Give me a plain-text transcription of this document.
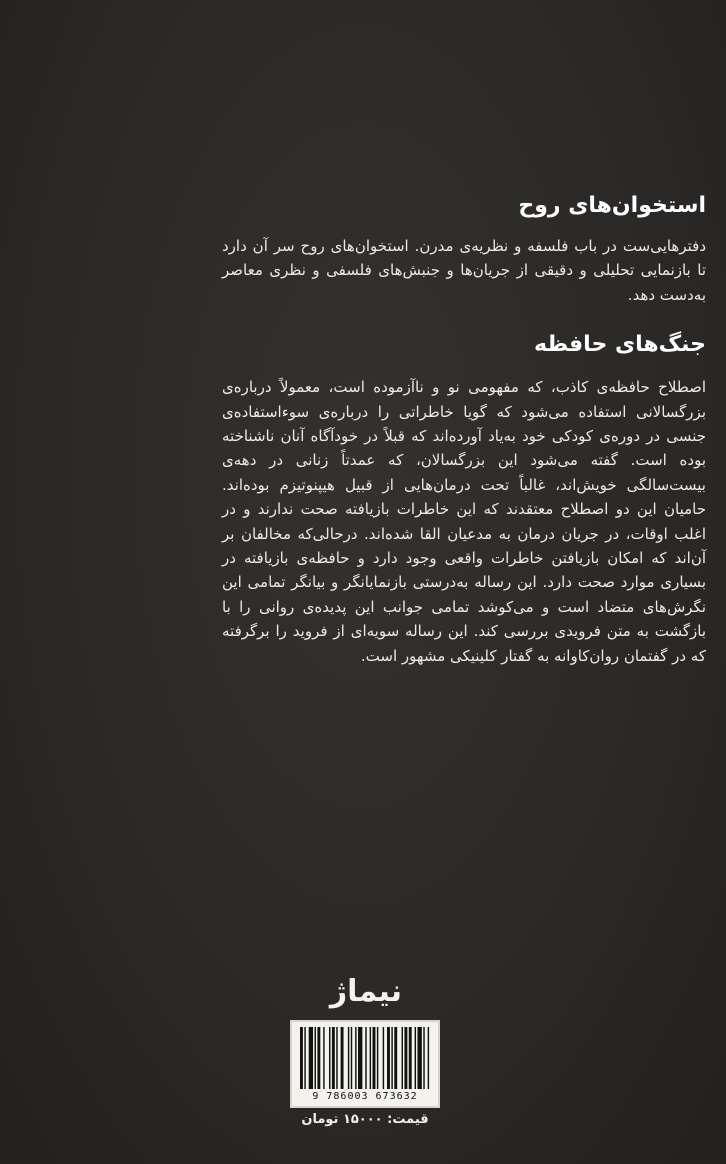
استخوان‌های روح

دفترهایی‌ست در باب فلسفه و نظریه‌ی مدرن. استخوان‌های روح سر آن دارد تا بازنمایی تحلیلی و دقیقی از جریان‌ها و جنبش‌های فلسفی و نظری معاصر به‌دست دهد.

جنگ‌های حافظه

اصطلاح حافظه‌ی کاذب، که مفهومی نو و ناآزموده است، معمولاً درباره‌ی بزرگسالانی استفاده می‌شود که گویا خاطراتی را درباره‌ی سوءاستفاده‌ی جنسی در دوره‌ی کودکی خود به‌یاد آورده‌اند که قبلاً در خودآگاه آنان ناشناخته بوده است. گفته می‌شود این بزرگسالان، که عمدتاً زنانی در دهه‌ی بیست‌سالگی خویش‌اند، غالباً تحت درمان‌هایی از قبیل هیپنوتیزم بوده‌اند. حامیان این دو اصطلاح معتقدند که این خاطرات بازیافته صحت ندارند و در اغلب اوقات، در جریان درمان به مدعیان القا شده‌اند. درحالی‌که مخالفان بر آن‌اند که امکان بازیافتن خاطرات واقعی وجود دارد و حافظه‌ی بازیافته در بسیاری موارد صحت دارد. این رساله به‌درستی بازنمایانگر و بیانگر تمامی این نگرش‌های متضاد است و می‌کوشد تمامی جوانب این پدیده‌ی روانی را با بازگشت به متن فرویدی بررسی کند. این رساله سویه‌ای از فروید را برگرفته که در گفتمان روان‌کاوانه به گفتار کلینیکی مشهور است.

نیماژ
9 786003 673632
قیمت: ۱۵۰۰۰ تومان
